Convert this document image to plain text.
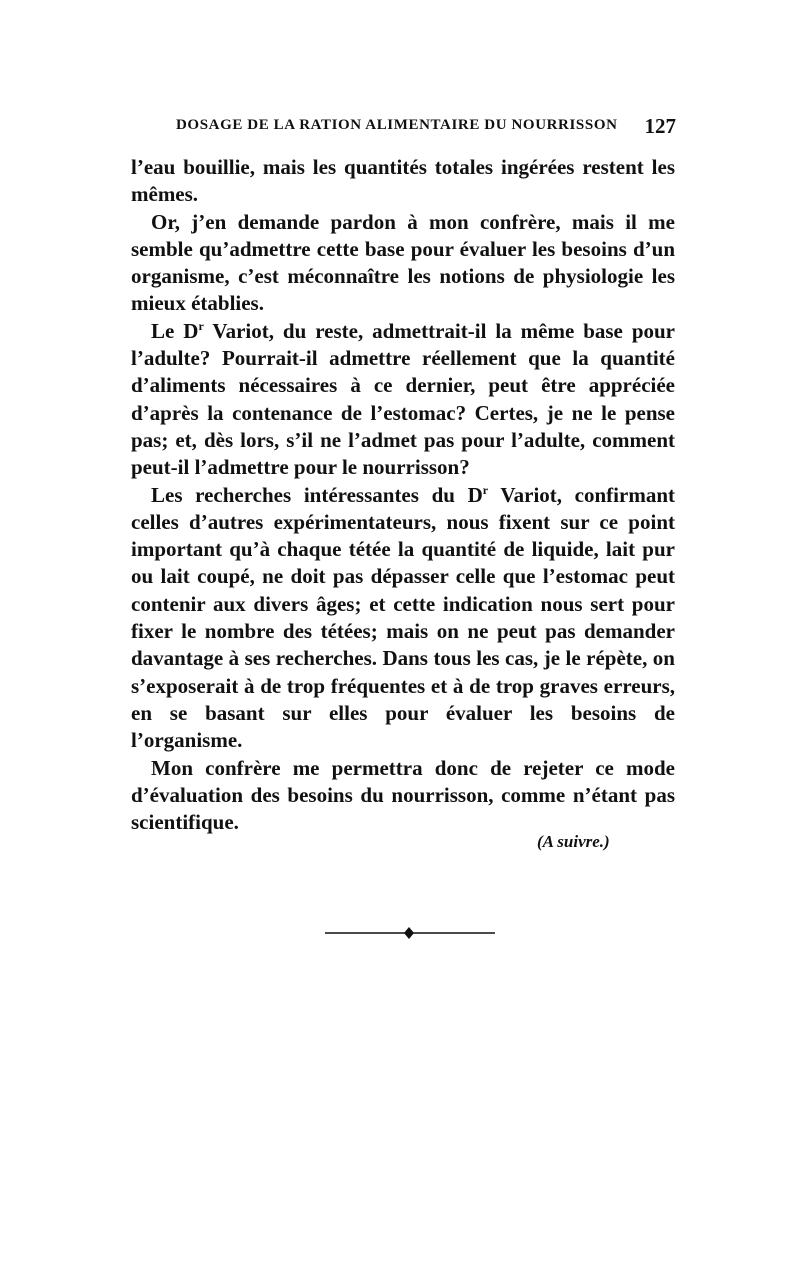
DOSAGE DE LA RATION ALIMENTAIRE DU NOURRISSON 127

l’eau bouillie, mais les quantités totales ingérées restent les mêmes.

Or, j’en demande pardon à mon confrère, mais il me semble qu’admettre cette base pour évaluer les besoins d’un organisme, c’est méconnaître les notions de physiologie les mieux établies.

Le $D^r$ Variot, du reste, admettrait-il la même base pour l’adulte? Pourrait-il admettre réellement que la quantité d’aliments nécessaires à ce dernier, peut être appréciée d’après la contenance de l’estomac? Certes, je ne le pense pas; et, dès lors, s’il ne l’admet pas pour l’adulte, comment peut-il l’admettre pour le nourrisson?

Les recherches intéressantes du $D^r$ Variot, confirmant celles d’autres expérimentateurs, nous fixent sur ce point important qu’à chaque tétée la quantité de liquide, lait pur ou lait coupé, ne doit pas dépasser celle que l’estomac peut contenir aux divers âges; et cette indication nous sert pour fixer le nombre des tétées; mais on ne peut pas demander davantage à ses recherches. Dans tous les cas, je le répète, on s’exposerait à de trop fréquentes et à de trop graves erreurs, en se basant sur elles pour évaluer les besoins de l’organisme.

Mon confrère me permettra donc de rejeter ce mode d’évaluation des besoins du nourrisson, comme n’étant pas scientifique.

(A suivre.)
